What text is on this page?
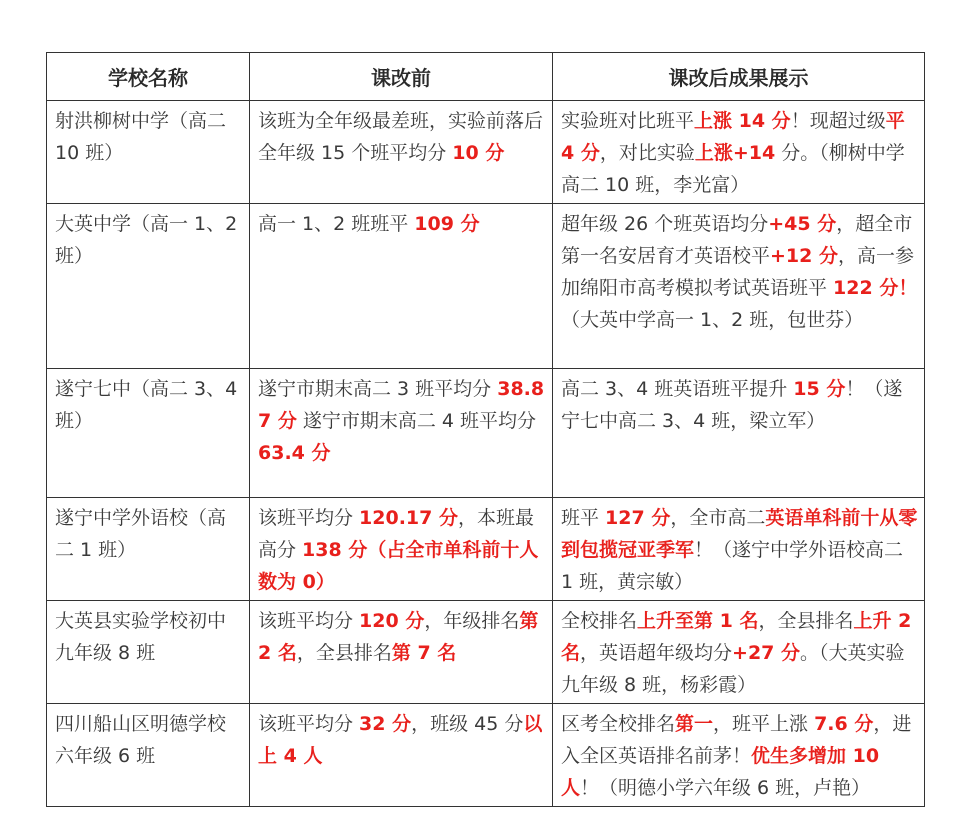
学校名称	课改前	课改后成果展示
射洪柳树中学（高二 10 班）	该班为全年级最差班，实验前落后全年级 15 个班平均分 10 分	实验班对比班平上涨 14 分！现超过级平 4 分，对比实验上涨+14 分。（柳树中学高二 10 班，李光富）
大英中学（高一 1、2 班）	高一 1、2 班班平 109 分	超年级 26 个班英语均分+45 分，超全市第一名安居育才英语校平+12 分，高一参加绵阳市高考模拟考试英语班平 122 分！（大英中学高一 1、2 班，包世芬）
遂宁七中（高二 3、4 班）	遂宁市期末高二 3 班平均分 38.87 分 遂宁市期末高二 4 班平均分 63.4 分	高二 3、4 班英语班平提升 15 分！（遂宁七中高二 3、4 班，梁立军）
遂宁中学外语校（高二 1 班）	该班平均分 120.17 分，本班最高分 138 分（占全市单科前十人数为 0）	班平 127 分，全市高二英语单科前十从零到包揽冠亚季军！（遂宁中学外语校高二 1 班，黄宗敏）
大英县实验学校初中九年级 8 班	该班平均分 120 分，年级排名第 2 名，全县排名第 7 名	全校排名上升至第 1 名，全县排名上升 2 名，英语超年级均分+27 分。（大英实验九年级 8 班，杨彩霞）
四川船山区明德学校六年级 6 班	该班平均分 32 分，班级 45 分以上 4 人	区考全校排名第一，班平上涨 7.6 分，进入全区英语排名前茅！优生多增加 10 人！（明德小学六年级 6 班，卢艳）
